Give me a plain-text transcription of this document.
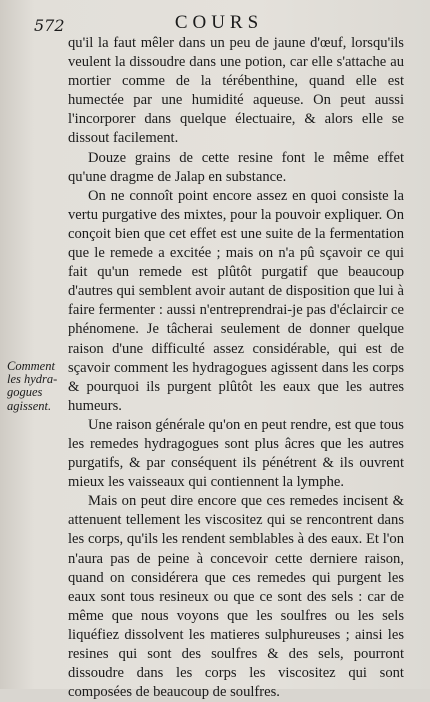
572	COURS
Comment
les hydra-
gogues
agissent.

qu'il la faut mêler dans un peu de jaune d'œuf, lorsqu'ils veulent la dissoudre dans une potion, car elle s'attache au mortier comme de la térébenthine, quand elle est humectée par une humidité aqueuse. On peut aussi l'incorporer dans quelque électuaire, & alors elle se dissout facilement.

Douze grains de cette resine font le même effet qu'une dragme de Jalap en substance.

On ne connoît point encore assez en quoi consiste la vertu purgative des mixtes, pour la pouvoir expliquer. On conçoit bien que cet effet est une suite de la fermentation que le remede a excitée ; mais on n'a pû sçavoir ce qui fait qu'un remede est plûtôt purgatif que beaucoup d'autres qui semblent avoir autant de disposition que lui à faire fermenter : aussi n'entreprendrai-je pas d'éclaircir ce phénomene. Je tâcherai seulement de donner quelque raison d'une difficulté assez considérable, qui est de sçavoir comment les hydragogues agissent dans les corps & pourquoi ils purgent plûtôt les eaux que les autres humeurs.

Une raison générale qu'on en peut rendre, est que tous les remedes hydragogues sont plus âcres que les autres purgatifs, & par conséquent ils pénétrent & ils ouvrent mieux les vaisseaux qui contiennent la lymphe.

Mais on peut dire encore que ces remedes incisent & attenuent tellement les viscositez qui se rencontrent dans les corps, qu'ils les rendent semblables à des eaux. Et l'on n'aura pas de peine à concevoir cette derniere raison, quand on considérera que ces remedes qui purgent les eaux sont tous resineux ou que ce sont des sels : car de même que nous voyons que les soulfres ou les sels liquéfiez dissolvent les matieres sulphureuses ; ainsi les resines qui sont des soulfres & des sels, pourront dissoudre dans les corps les viscositez qui sont composées de beaucoup de soulfres.
